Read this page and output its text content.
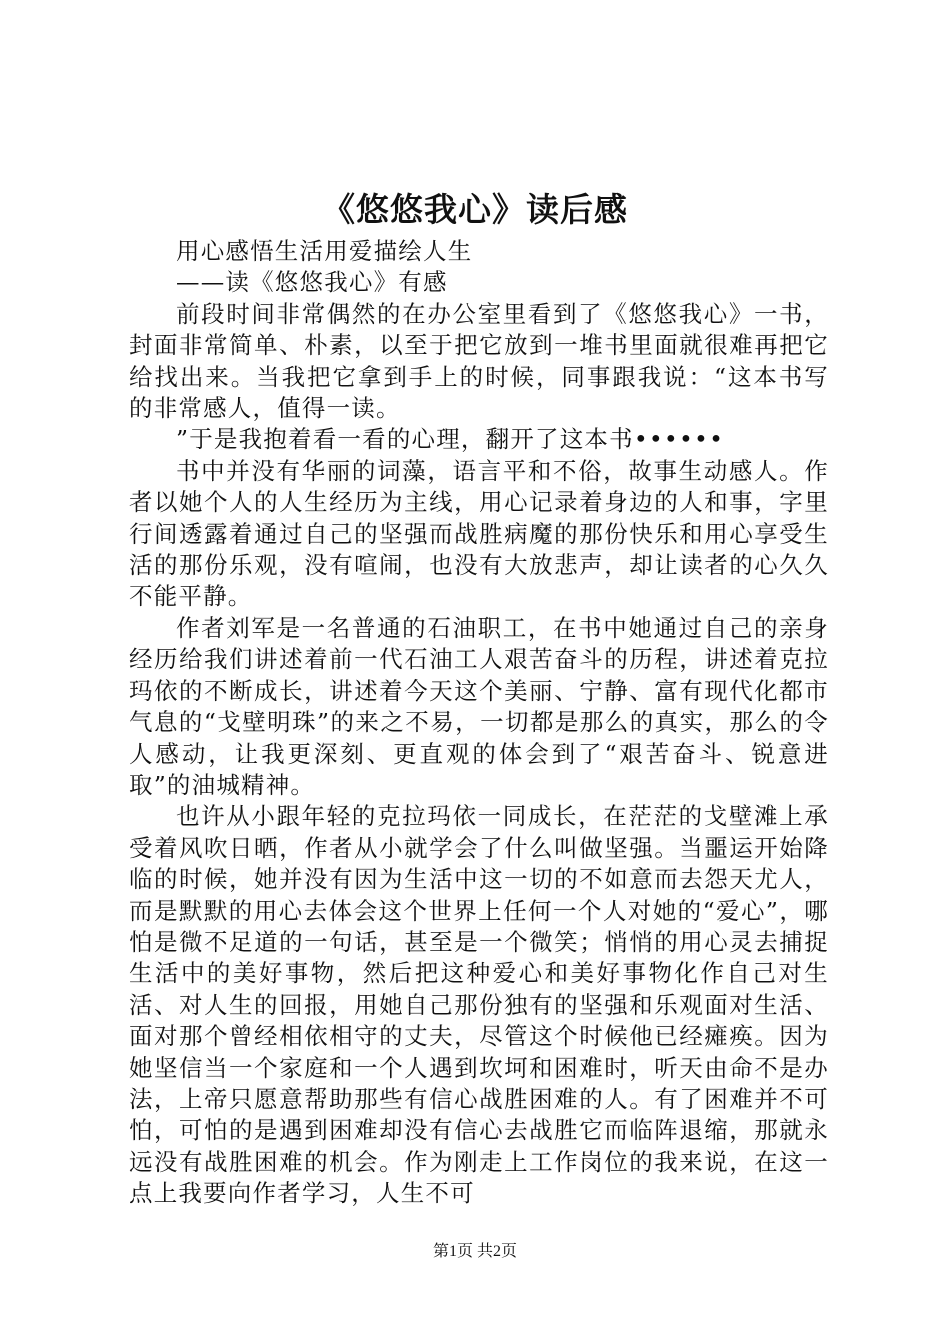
《悠悠我心》读后感

用心感悟生活用爱描绘人生

——读《悠悠我心》有感

前段时间非常偶然的在办公室里看到了《悠悠我心》一书，封面非常简单、朴素，以至于把它放到一堆书里面就很难再把它给找出来。当我把它拿到手上的时候，同事跟我说：“这本书写的非常感人，值得一读。

”于是我抱着看一看的心理，翻开了这本书••••••

书中并没有华丽的词藻，语言平和不俗，故事生动感人。作者以她个人的人生经历为主线，用心记录着身边的人和事，字里行间透露着通过自己的坚强而战胜病魔的那份快乐和用心享受生活的那份乐观，没有喧闹，也没有大放悲声，却让读者的心久久不能平静。

作者刘军是一名普通的石油职工，在书中她通过自己的亲身经历给我们讲述着前一代石油工人艰苦奋斗的历程，讲述着克拉玛依的不断成长，讲述着今天这个美丽、宁静、富有现代化都市气息的“戈壁明珠”的来之不易，一切都是那么的真实，那么的令人感动，让我更深刻、更直观的体会到了“艰苦奋斗、锐意进取”的油城精神。

也许从小跟年轻的克拉玛依一同成长，在茫茫的戈壁滩上承受着风吹日晒，作者从小就学会了什么叫做坚强。当噩运开始降临的时候，她并没有因为生活中这一切的不如意而去怨天尤人，而是默默的用心去体会这个世界上任何一个人对她的“爱心”，哪怕是微不足道的一句话，甚至是一个微笑；悄悄的用心灵去捕捉生活中的美好事物，然后把这种爱心和美好事物化作自己对生活、对人生的回报，用她自己那份独有的坚强和乐观面对生活、面对那个曾经相依相守的丈夫，尽管这个时候他已经瘫痪。因为她坚信当一个家庭和一个人遇到坎坷和困难时，听天由命不是办法，上帝只愿意帮助那些有信心战胜困难的人。有了困难并不可怕，可怕的是遇到困难却没有信心去战胜它而临阵退缩，那就永远没有战胜困难的机会。作为刚走上工作岗位的我来说，在这一点上我要向作者学习，人生不可

第1页 共2页
